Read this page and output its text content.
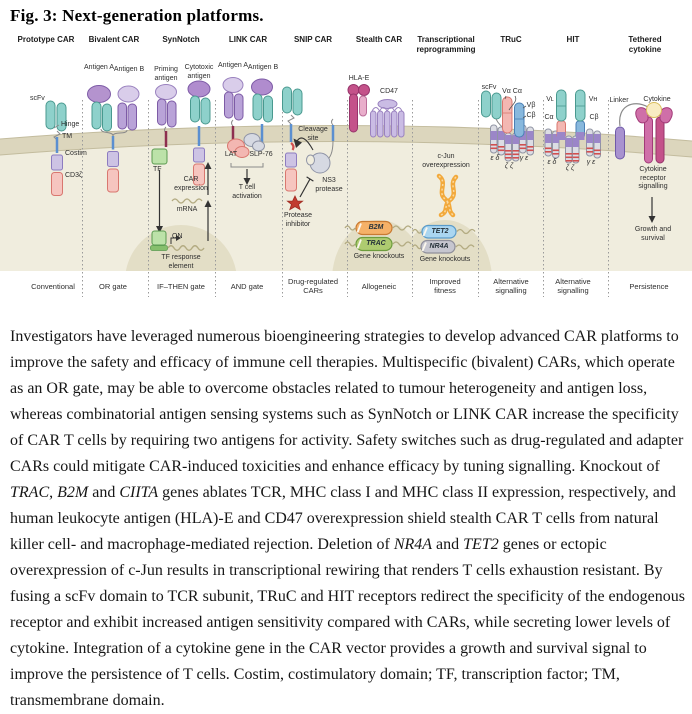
Fig. 3: Next-generation platforms.
Prototype CAR	Bivalent CAR	SynNotch	LINK CAR	SNIP CAR	Stealth CAR Transcriptional reprogramming
TRuC	HIT	Tethered cytokine
scFv
Hinge
TM
Costim
CD3ζ
Antigen A Antigen B	Priming antigen
Cytotoxic antigen
TF
CAR expression
mRNA
ON
TF response element
Antigen A Antigen B
LAT SLP-76
T cell activation
Cleavage site
NS3 protease
Protease inhibitor
HLA-E
CD47
B2M
TRAC
Gene knockouts
c-Jun overexpression
TET2
NR4A
Gene knockouts
scFv
Vα Cα
Vβ
Cβ
ε δ
ζ ζ
γ ε
Vʟ	Vʜ
Cα	Cβ
ε δ
ζ ζ
γ ε
Linker Cytokine
Cytokine receptor signalling
Growth and survival
Conventional	OR gate	IF–THEN gate	AND gate
Drug-regulated CARs	Allogeneic
Improved fitness
Alternative signalling
Alternative signalling	Persistence

Investigators have leveraged numerous bioengineering strategies to develop advanced CAR platforms to improve the safety and efficacy of immune cell therapies. Multispecific (bivalent) CARs, which operate as an OR gate, may be able to overcome obstacles related to tumour heterogeneity and antigen loss, whereas combinatorial antigen sensing systems such as SynNotch or LINK CAR increase the specificity of CAR T cells by requiring two antigens for activity. Safety switches such as drug-regulated and adapter CARs could mitigate CAR-induced toxicities and enhance efficacy by tuning signalling. Knockout of TRAC, B2M and CIITA genes ablates TCR, MHC class I and MHC class II expression, respectively, and human leukocyte antigen (HLA)-E and CD47 overexpression shield stealth CAR T cells from natural killer cell- and macrophage-mediated rejection. Deletion of NR4A and TET2 genes or ectopic overexpression of c-Jun results in transcriptional rewiring that renders T cells exhaustion resistant. By fusing a scFv domain to TCR subunit, TRuC and HIT receptors redirect the specificity of the endogenous receptor and exhibit increased antigen sensitivity compared with CARs, while secreting lower levels of cytokine. Integration of a cytokine gene in the CAR vector provides a growth and survival signal to improve the persistence of T cells. Costim, costimulatory domain; TF, transcription factor; TM, transmembrane domain.
